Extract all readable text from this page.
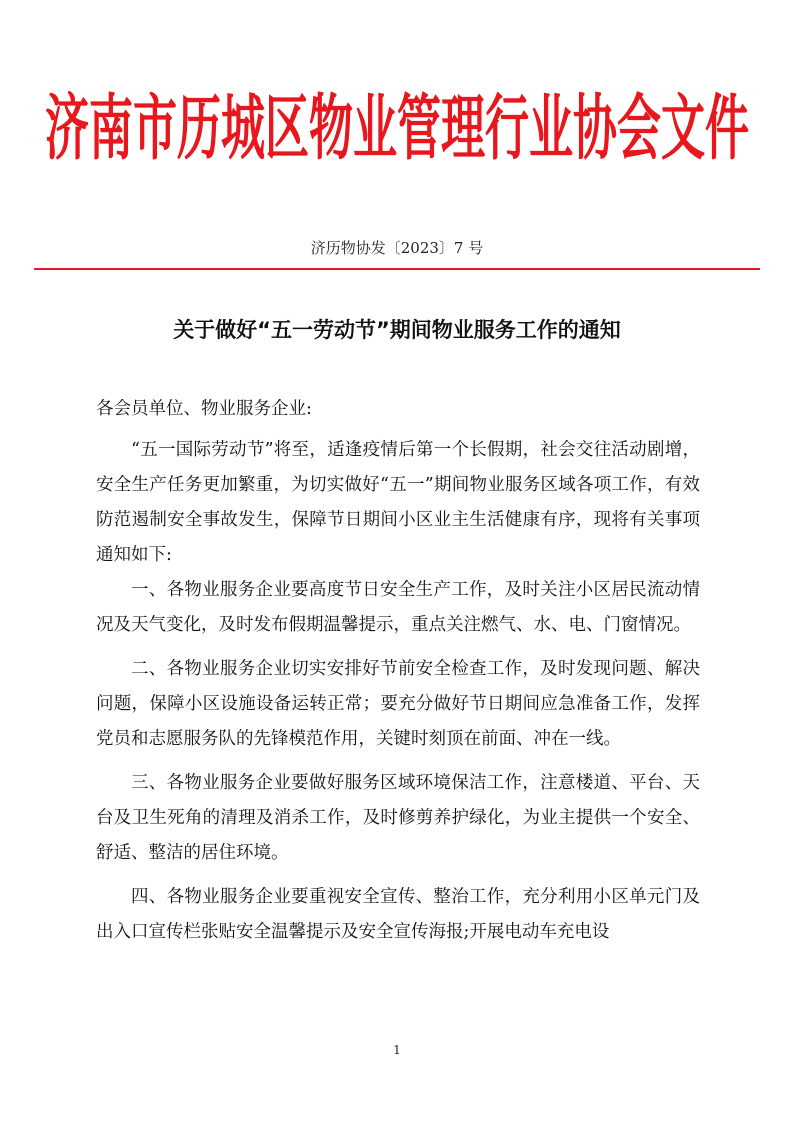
济南市历城区物业管理行业协会文件
济历物协发〔2023〕7 号
关于做好“五一劳动节”期间物业服务工作的通知

各会员单位、物业服务企业:

“五一国际劳动节”将至，适逢疫情后第一个长假期，社会交往活动剧增，安全生产任务更加繁重，为切实做好“五一”期间物业服务区域各项工作，有效防范遏制安全事故发生，保障节日期间小区业主生活健康有序，现将有关事项通知如下:

一、各物业服务企业要高度节日安全生产工作，及时关注小区居民流动情况及天气变化，及时发布假期温馨提示，重点关注燃气、水、电、门窗情况。

二、各物业服务企业切实安排好节前安全检查工作，及时发现问题、解决问题，保障小区设施设备运转正常；要充分做好节日期间应急准备工作，发挥党员和志愿服务队的先锋模范作用，关键时刻顶在前面、冲在一线。

三、各物业服务企业要做好服务区域环境保洁工作，注意楼道、平台、天台及卫生死角的清理及消杀工作，及时修剪养护绿化，为业主提供一个安全、舒适、整洁的居住环境。

四、各物业服务企业要重视安全宣传、整治工作，充分利用小区单元门及出入口宣传栏张贴安全温馨提示及安全宣传海报;开展电动车充电设

1
